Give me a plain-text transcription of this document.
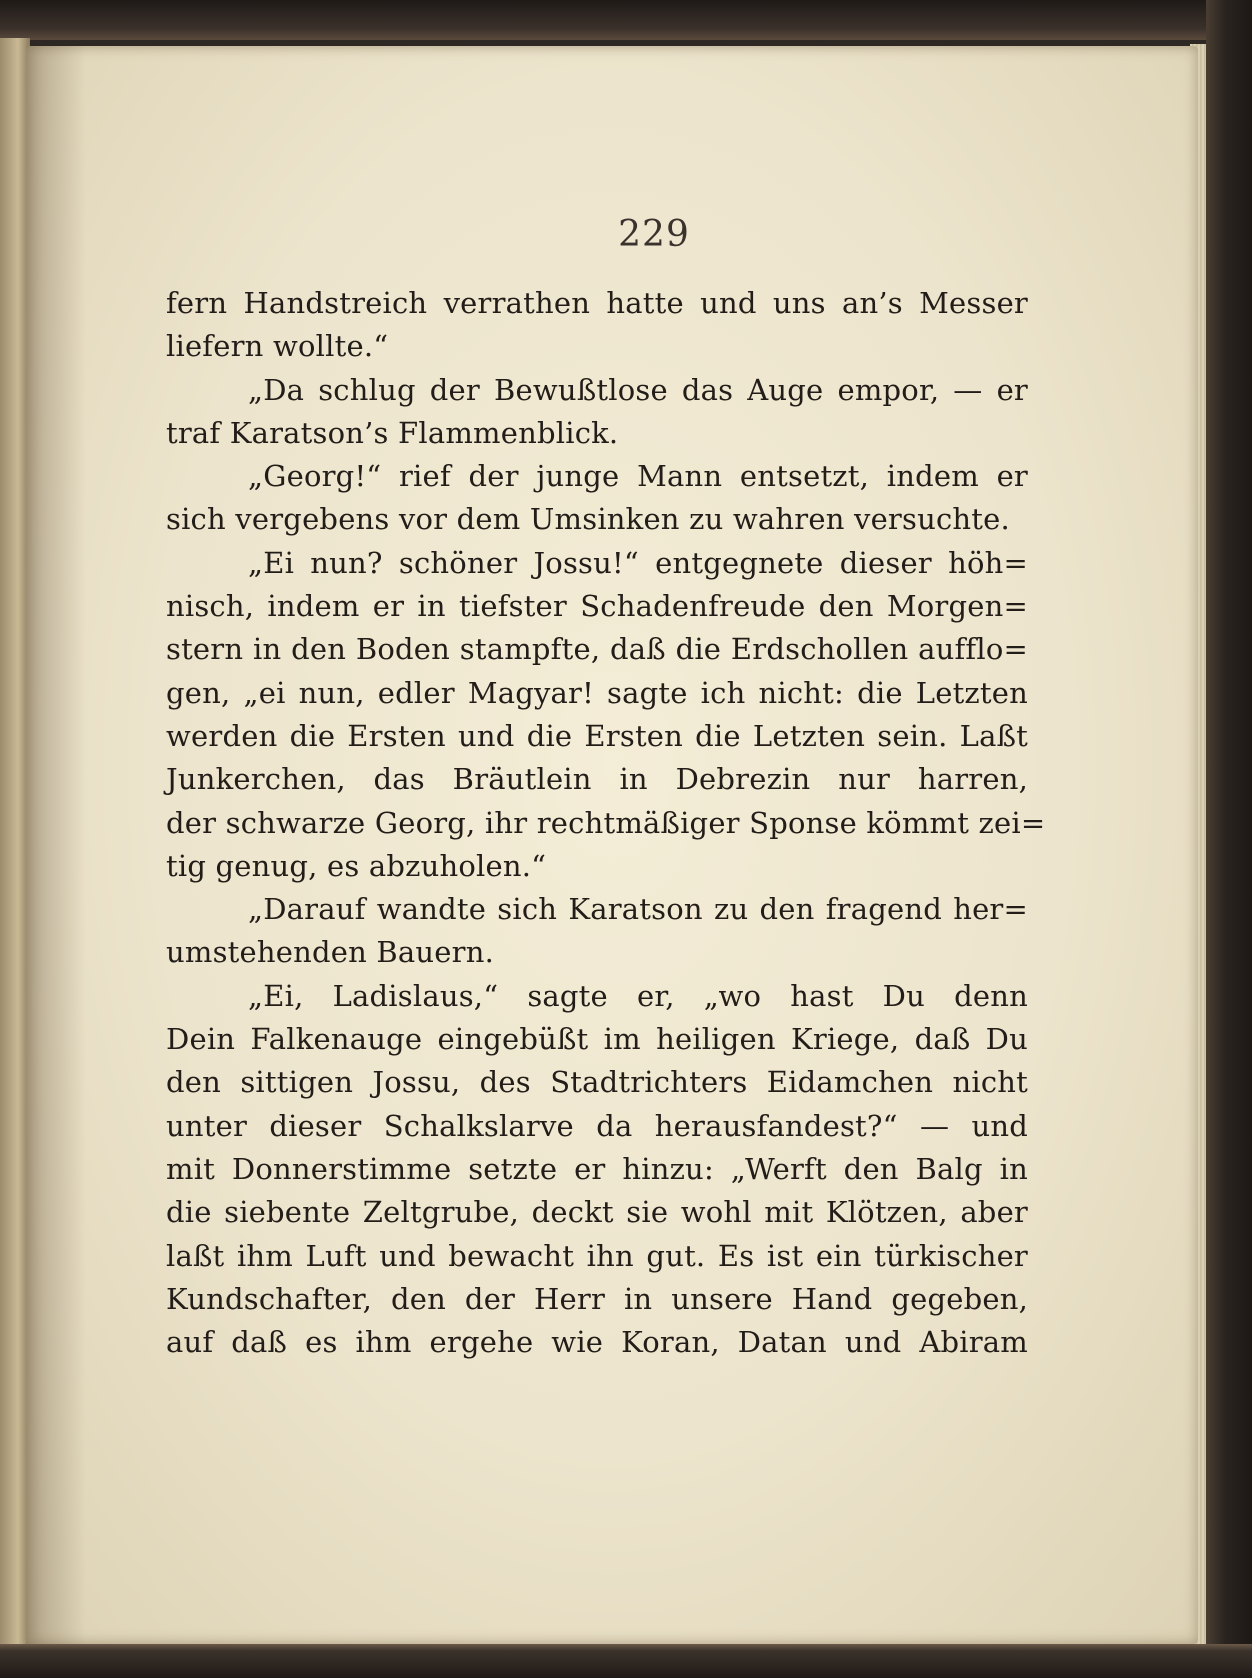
229
fern Handstreich verrathen hatte und uns an’s Messer
liefern wollte.“
„Da schlug der Bewußtlose das Auge empor, — er
traf Karatson’s Flammenblick.
„Georg!“ rief der junge Mann entsetzt, indem er
sich vergebens vor dem Umsinken zu wahren versuchte.
„Ei nun? schöner Jossu!“ entgegnete dieser höh=
nisch, indem er in tiefster Schadenfreude den Morgen=
stern in den Boden stampfte, daß die Erdschollen aufflo=
gen, „ei nun, edler Magyar! sagte ich nicht: die Letzten
werden die Ersten und die Ersten die Letzten sein. Laßt
Junkerchen, das Bräutlein in Debrezin nur harren,
der schwarze Georg, ihr rechtmäßiger Sponse kömmt zei=
tig genug, es abzuholen.“
„Darauf wandte sich Karatson zu den fragend her=
umstehenden Bauern.
„Ei, Ladislaus,“ sagte er, „wo hast Du denn
Dein Falkenauge eingebüßt im heiligen Kriege, daß Du
den sittigen Jossu, des Stadtrichters Eidamchen nicht
unter dieser Schalkslarve da herausfandest?“ — und
mit Donnerstimme setzte er hinzu: „Werft den Balg in
die siebente Zeltgrube, deckt sie wohl mit Klötzen, aber
laßt ihm Luft und bewacht ihn gut. Es ist ein türkischer
Kundschafter, den der Herr in unsere Hand gegeben,
auf daß es ihm ergehe wie Koran, Datan und Abiram
